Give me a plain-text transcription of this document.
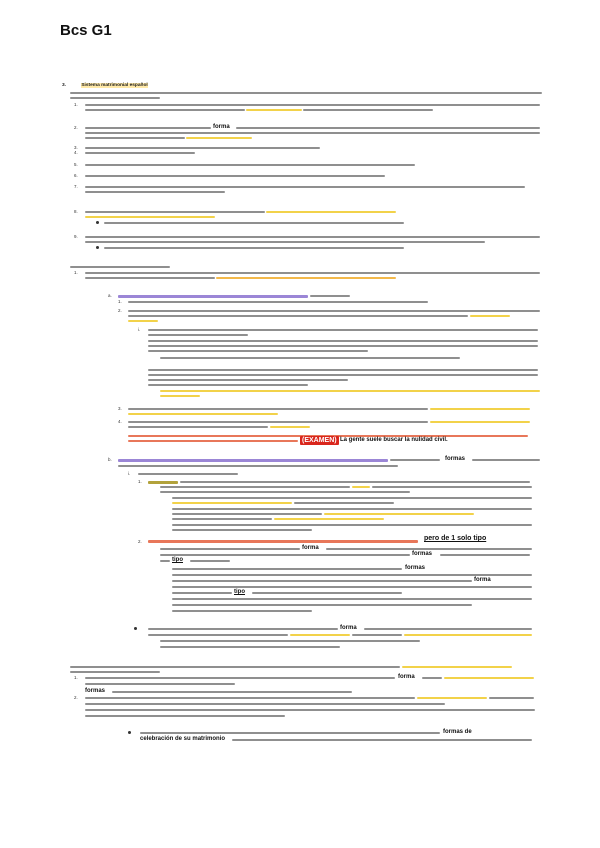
Bcs G1
3.	Sistema matrimonial español
1.
2.	forma
3.
4.
5.
6.
7.
8.
9.
1.
a.
1.
2.
i.
3.
4.
(EXAMEN) La gente suele buscar la nulidad civil.
b.	formas
i.
1.
2.	pero de 1 solo tipo
forma
formas
tipo
formas
forma
tipo
forma
1.	forma
formas
2.
formas de
celebración de su matrimonio
